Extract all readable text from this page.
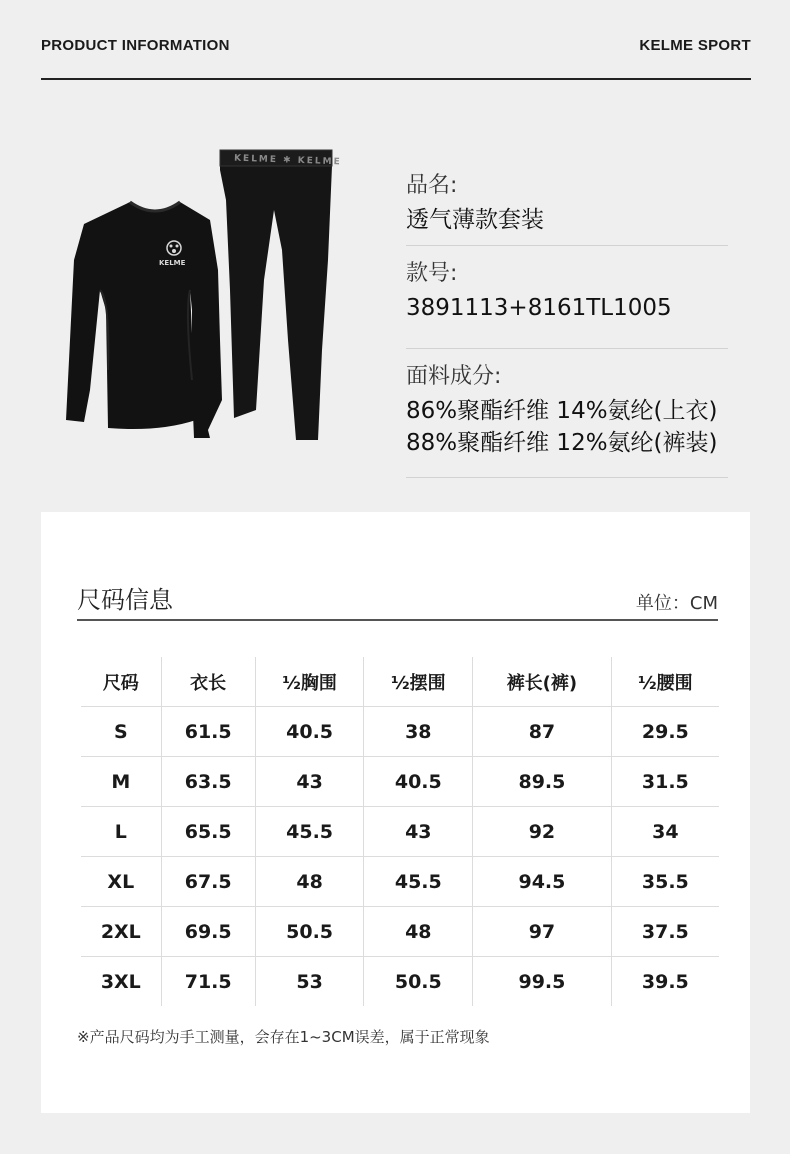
PRODUCT INFORMATION	KELME SPORT
KELME ✱ KELME
KELME
品名:
透气薄款套装
款号:
3891113+8161TL1005
面料成分:
86%聚酯纤维 14%氨纶(上衣)
88%聚酯纤维 12%氨纶(裤装)
尺码信息	单位：CM
尺码	衣长	½胸围	½摆围	裤长(裤)	½腰围
S	61.5	40.5	38	87	29.5
M	63.5	43	40.5	89.5	31.5
L	65.5	45.5	43	92	34
XL	67.5	48	45.5	94.5	35.5
2XL	69.5	50.5	48	97	37.5
3XL	71.5	53	50.5	99.5	39.5
※产品尺码均为手工测量，会存在1~3CM误差，属于正常现象
